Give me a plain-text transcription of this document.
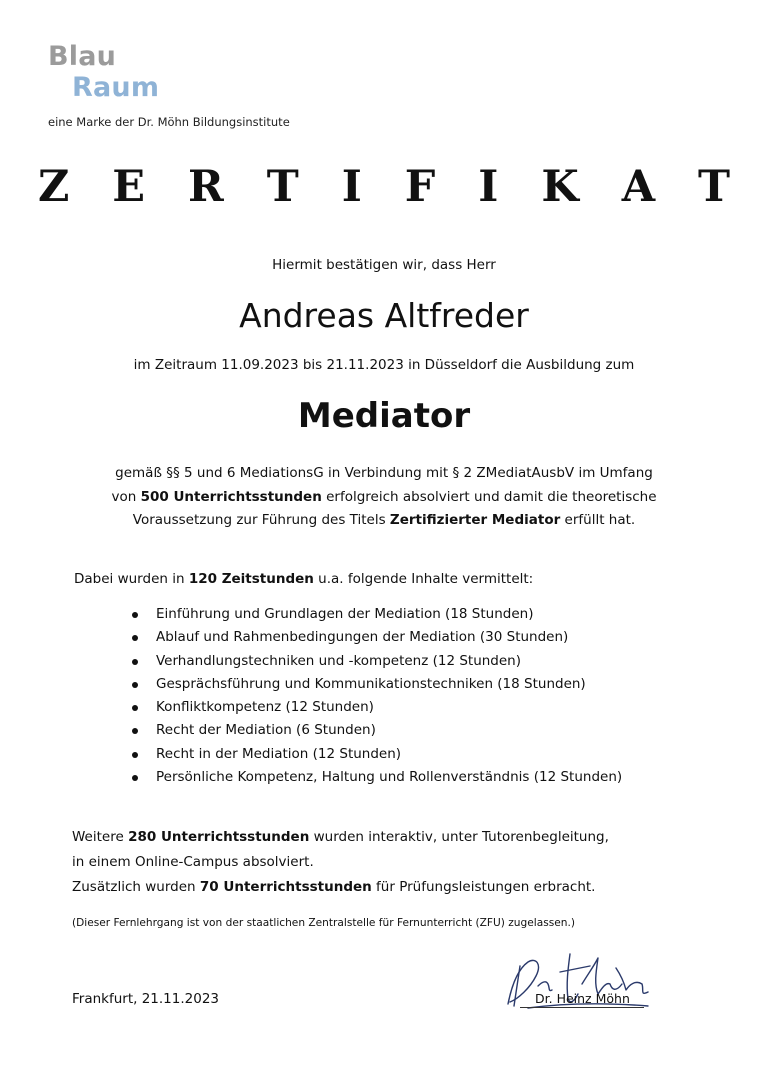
Blau
Raum
eine Marke der Dr. Möhn Bildungsinstitute
Z E R T I F I K A T
Hiermit bestätigen wir, dass Herr
Andreas Altfreder
im Zeitraum 11.09.2023 bis 21.11.2023 in Düsseldorf die Ausbildung zum
Mediator
gemäß §§ 5 und 6 MediationsG in Verbindung mit § 2 ZMediatAusbV im Umfang
von 500 Unterrichtsstunden erfolgreich absolviert und damit die theoretische
Voraussetzung zur Führung des Titels Zertifizierter Mediator erfüllt hat.
Dabei wurden in 120 Zeitstunden u.a. folgende Inhalte vermittelt:
Einführung und Grundlagen der Mediation (18 Stunden)
Ablauf und Rahmenbedingungen der Mediation (30 Stunden)
Verhandlungstechniken und -kompetenz (12 Stunden)
Gesprächsführung und Kommunikationstechniken (18 Stunden)
Konfliktkompetenz (12 Stunden)
Recht der Mediation (6 Stunden)
Recht in der Mediation (12 Stunden)
Persönliche Kompetenz, Haltung und Rollenverständnis (12 Stunden)
Weitere 280 Unterrichtsstunden wurden interaktiv, unter Tutorenbegleitung,
in einem Online-Campus absolviert.
Zusätzlich wurden 70 Unterrichtsstunden für Prüfungsleistungen erbracht.
(Dieser Fernlehrgang ist von der staatlichen Zentralstelle für Fernunterricht (ZFU) zugelassen.)
Frankfurt, 21.11.2023	Dr. Heinz Möhn
